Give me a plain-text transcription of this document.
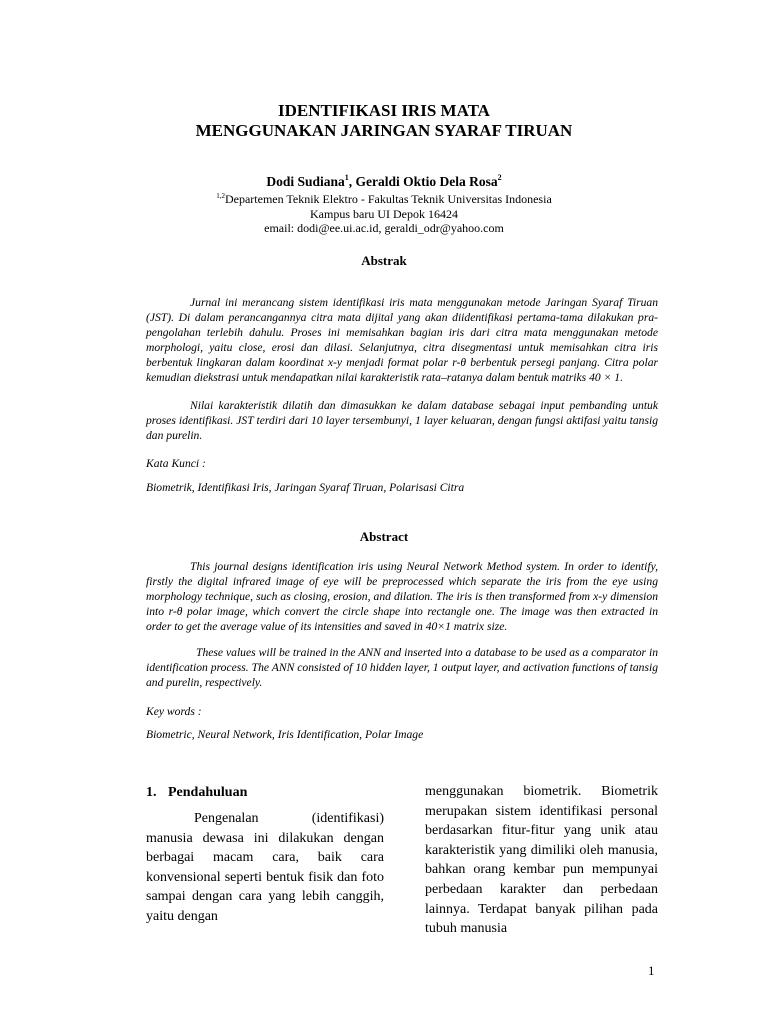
IDENTIFIKASI IRIS MATA
MENGGUNAKAN JARINGAN SYARAF TIRUAN
Dodi Sudiana$^1$, Geraldi Oktio Dela Rosa$^2$
$^{1,2}$Departemen Teknik Elektro - Fakultas Teknik Universitas Indonesia
Kampus baru UI Depok 16424
email: dodi@ee.ui.ac.id, geraldi_odr@yahoo.com
Abstrak

Jurnal ini merancang sistem identifikasi iris mata menggunakan metode Jaringan Syaraf Tiruan (JST). Di dalam perancangannya citra mata dijital yang akan diidentifikasi pertama-tama dilakukan pra-pengolahan terlebih dahulu. Proses ini memisahkan bagian iris dari citra mata menggunakan metode morphologi, yaitu close, erosi dan dilasi. Selanjutnya, citra disegmentasi untuk memisahkan citra iris berbentuk lingkaran dalam koordinat x-y menjadi format polar r-θ berbentuk persegi panjang. Citra polar kemudian diekstrasi untuk mendapatkan nilai karakteristik rata–ratanya dalam bentuk matriks 40 × 1.

Nilai karakteristik dilatih dan dimasukkan ke dalam database sebagai input pembanding untuk proses identifikasi. JST terdiri dari 10 layer tersembunyi, 1 layer keluaran, dengan fungsi aktifasi yaitu tansig dan purelin.

Kata Kunci :
Biometrik, Identifikasi Iris, Jaringan Syaraf Tiruan, Polarisasi Citra
Abstract

This journal designs identification iris using Neural Network Method system. In order to identify, firstly the digital infrared image of eye will be preprocessed which separate the iris from the eye using morphology technique, such as closing, erosion, and dilation. The iris is then transformed from x-y dimension into r-θ polar image, which convert the circle shape into rectangle one. The image was then extracted in order to get the average value of its intensities and saved in 40×1 matrix size.

These values will be trained in the ANN and inserted into a database to be used as a comparator in identification process. The ANN consisted of 10 hidden layer, 1 output layer, and activation functions of tansig and purelin, respectively.

Key words :
Biometric, Neural Network, Iris Identification, Polar Image
1. Pendahuluan

Pengenalan (identifikasi) manusia dewasa ini dilakukan dengan berbagai macam cara, baik cara konvensional seperti bentuk fisik dan foto sampai dengan cara yang lebih canggih, yaitu dengan

menggunakan biometrik. Biometrik merupakan sistem identifikasi personal berdasarkan fitur-fitur yang unik atau karakteristik yang dimiliki oleh manusia, bahkan orang kembar pun mempunyai perbedaan karakter dan perbedaan lainnya. Terdapat banyak pilihan pada tubuh manusia

1
